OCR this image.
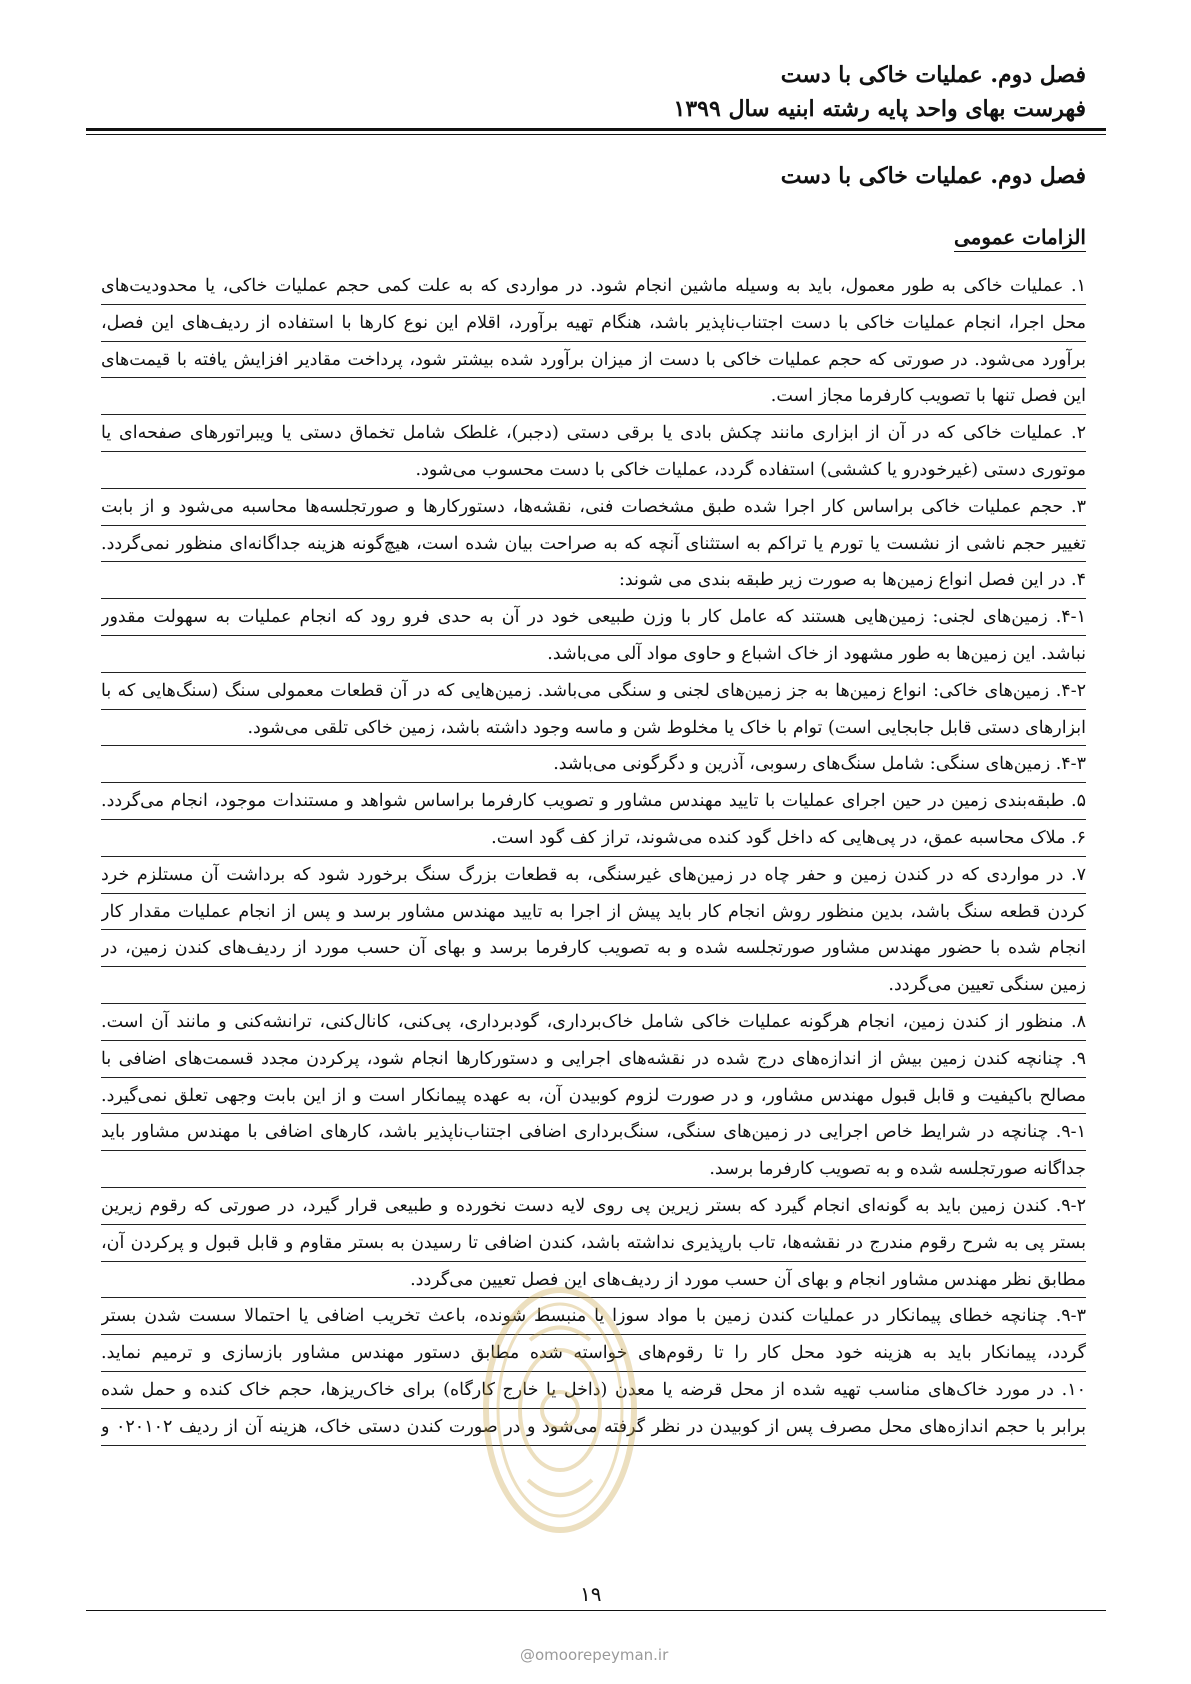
فصل دوم. عملیات خاکی با دست
فهرست بهای واحد پایه رشته ابنیه سال ۱۳۹۹
فصل دوم. عملیات خاکی با دست
الزامات عمومی
۱. عملیات خاکی به طور معمول، باید به وسیله ماشین انجام شود. در مواردی که به علت کمی حجم عملیات خاکی، یا محدودیت‌های
محل اجرا، انجام عملیات خاکی با دست اجتناب‌ناپذیر باشد، هنگام تهیه برآورد، اقلام این نوع کارها با استفاده از ردیف‌های این فصل،
برآورد می‌شود. در صورتی که حجم عملیات خاکی با دست از میزان برآورد شده بیشتر شود، پرداخت مقادیر افزایش یافته با قیمت‌های
این فصل تنها با تصویب کارفرما مجاز است.
۲. عملیات خاکی که در آن از ابزاری مانند چکش بادی یا برقی دستی (دجبر)، غلطک شامل تخماق دستی یا ویبراتورهای صفحه‌ای یا
موتوری دستی (غیرخودرو یا کششی) استفاده گردد، عملیات خاکی با دست محسوب می‌شود.
۳. حجم عملیات خاکی براساس کار اجرا شده طبق مشخصات فنی، نقشه‌ها، دستورکارها و صورتجلسه‌ها محاسبه می‌شود و از بابت
تغییر حجم ناشی از نشست یا تورم یا تراکم به استثنای آنچه که به صراحت بیان شده است، هیچ‌گونه هزینه جداگانه‌ای منظور نمی‌گردد.
۴. در این فصل انواع زمین‌ها به صورت زیر طبقه بندی می شوند:
۴-۱. زمین‌های لجنی: زمین‌هایی هستند که عامل کار با وزن طبیعی خود در آن به حدی فرو رود که انجام عملیات به سهولت مقدور
نباشد. این زمین‌ها به طور مشهود از خاک اشباع و حاوی مواد آلی می‌باشد.
۴-۲. زمین‌های خاکی: انواع زمین‌ها به جز زمین‌های لجنی و سنگی می‌باشد. زمین‌هایی که در آن قطعات معمولی سنگ (سنگ‌هایی که با
ابزارهای دستی قابل جابجایی است) توام با خاک یا مخلوط شن و ماسه وجود داشته باشد، زمین خاکی تلقی می‌شود.
۴-۳. زمین‌های سنگی: شامل سنگ‌های رسوبی، آذرین و دگرگونی می‌باشد.
۵. طبقه‌بندی زمین در حین اجرای عملیات با تایید مهندس مشاور و تصویب کارفرما براساس شواهد و مستندات موجود، انجام می‌گردد.
۶. ملاک محاسبه عمق، در پی‌هایی که داخل گود کنده می‌شوند، تراز کف گود است.
۷. در مواردی که در کندن زمین و حفر چاه در زمین‌های غیرسنگی، به قطعات بزرگ سنگ برخورد شود که برداشت آن مستلزم خرد
کردن قطعه سنگ باشد، بدین منظور روش انجام کار باید پیش از اجرا به تایید مهندس مشاور برسد و پس از انجام عملیات مقدار کار
انجام شده با حضور مهندس مشاور صورتجلسه شده و به تصویب کارفرما برسد و بهای آن حسب مورد از ردیف‌های کندن زمین، در
زمین سنگی تعیین می‌گردد.
۸. منظور از کندن زمین، انجام هرگونه عملیات خاکی شامل خاک‌برداری، گودبرداری، پی‌کنی، کانال‌کنی، ترانشه‌کنی و مانند آن است.
۹. چنانچه کندن زمین بیش از اندازه‌های درج شده در نقشه‌های اجرایی و دستورکارها انجام شود، پرکردن مجدد قسمت‌های اضافی با
مصالح باکیفیت و قابل قبول مهندس مشاور، و در صورت لزوم کوبیدن آن، به عهده پیمانکار است و از این بابت وجهی تعلق نمی‌گیرد.
۹-۱. چنانچه در شرایط خاص اجرایی در زمین‌های سنگی، سنگ‌برداری اضافی اجتناب‌ناپذیر باشد، کارهای اضافی با مهندس مشاور باید
جداگانه صورتجلسه شده و به تصویب کارفرما برسد.
۹-۲. کندن زمین باید به گونه‌ای انجام گیرد که بستر زیرین پی روی لایه دست نخورده و طبیعی قرار گیرد، در صورتی که رقوم زیرین
بستر پی به شرح رقوم مندرج در نقشه‌ها، تاب بارپذیری نداشته باشد، کندن اضافی تا رسیدن به بستر مقاوم و قابل قبول و پرکردن آن،
مطابق نظر مهندس مشاور انجام و بهای آن حسب مورد از ردیف‌های این فصل تعیین می‌گردد.
۹-۳. چنانچه خطای پیمانکار در عملیات کندن زمین با مواد سوزا یا منبسط شونده، باعث تخریب اضافی یا احتمالا سست شدن بستر
گردد، پیمانکار باید به هزینه خود محل کار را تا رقوم‌های خواسته شده مطابق دستور مهندس مشاور بازسازی و ترمیم نماید.
۱۰. در مورد خاک‌های مناسب تهیه شده از محل قرضه یا معدن (داخل یا خارج کارگاه) برای خاک‌ریزها، حجم خاک کنده و حمل شده
برابر با حجم اندازه‌های محل مصرف پس از کوبیدن در نظر گرفته می‌شود و در صورت کندن دستی خاک، هزینه آن از ردیف ۰۲۰۱۰۲ و
۱۹
@omoorepeyman.ir
